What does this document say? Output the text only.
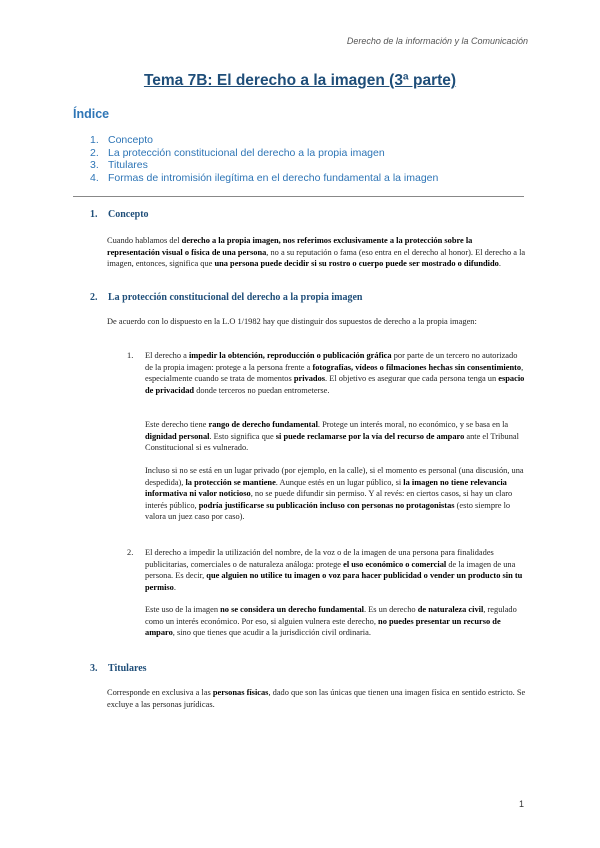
Derecho de la información y la Comunicación
Tema 7B: El derecho a la imagen (3ª parte)
Índice
1. Concepto
2. La protección constitucional del derecho a la propia imagen
3. Titulares
4. Formas de intromisión ilegítima en el derecho fundamental a la imagen
1. Concepto

Cuando hablamos del derecho a la propia imagen, nos referimos exclusivamente a la protección sobre la representación visual o física de una persona, no a su reputación o fama (eso entra en el derecho al honor). El derecho a la imagen, entonces, significa que una persona puede decidir si su rostro o cuerpo puede ser mostrado o difundido.

2. La protección constitucional del derecho a la propia imagen

De acuerdo con lo dispuesto en la L.O 1/1982 hay que distinguir dos supuestos de derecho a la propia imagen:

1. El derecho a impedir la obtención, reproducción o publicación gráfica por parte de un tercero no autorizado de la propia imagen: protege a la persona frente a fotografías, vídeos o filmaciones hechas sin consentimiento, especialmente cuando se trata de momentos privados. El objetivo es asegurar que cada persona tenga un espacio de privacidad donde terceros no puedan entrometerse.

Este derecho tiene rango de derecho fundamental. Protege un interés moral, no económico, y se basa en la dignidad personal. Esto significa que si puede reclamarse por la vía del recurso de amparo ante el Tribunal Constitucional si es vulnerado.

Incluso si no se está en un lugar privado (por ejemplo, en la calle), si el momento es personal (una discusión, una despedida), la protección se mantiene. Aunque estés en un lugar público, si la imagen no tiene relevancia informativa ni valor noticioso, no se puede difundir sin permiso. Y al revés: en ciertos casos, si hay un claro interés público, podría justificarse su publicación incluso con personas no protagonistas (esto siempre lo valora un juez caso por caso).

2. El derecho a impedir la utilización del nombre, de la voz o de la imagen de una persona para finalidades publicitarias, comerciales o de naturaleza análoga: protege el uso económico o comercial de la imagen de una persona. Es decir, que alguien no utilice tu imagen o voz para hacer publicidad o vender un producto sin tu permiso.

Este uso de la imagen no se considera un derecho fundamental. Es un derecho de naturaleza civil, regulado como un interés económico. Por eso, si alguien vulnera este derecho, no puedes presentar un recurso de amparo, sino que tienes que acudir a la jurisdicción civil ordinaria.

3. Titulares

Corresponde en exclusiva a las personas físicas, dado que son las únicas que tienen una imagen física en sentido estricto. Se excluye a las personas jurídicas.

1
